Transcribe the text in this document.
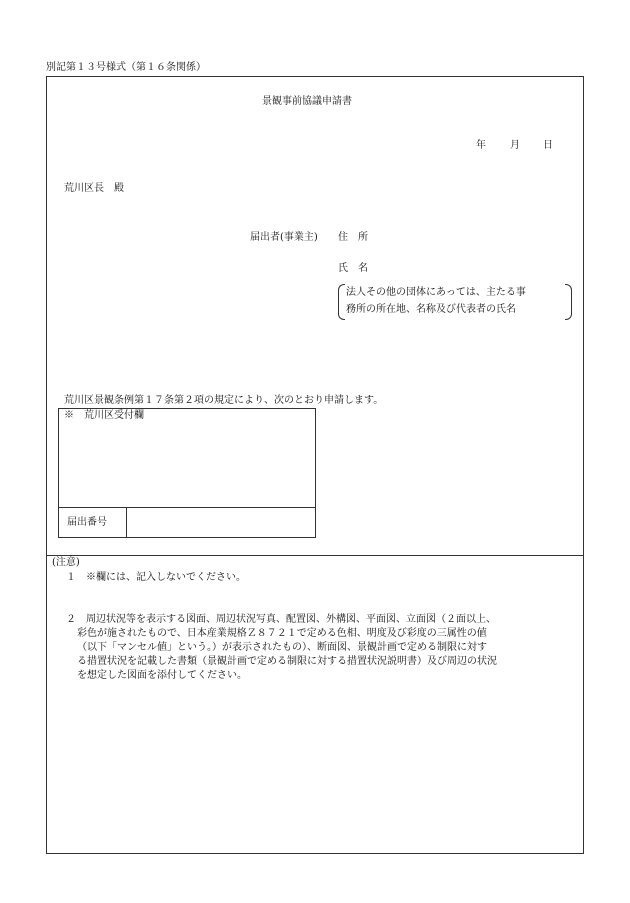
別記第１３号様式（第１６条関係）
景観事前協議申請書
年 月 日
荒川区長　殿
届出者(事業主) 住　所
氏　名
法人その他の団体にあっては、主たる事
務所の所在地、名称及び代表者の氏名
荒川区景観条例第１７条第２項の規定により、次のとおり申請します。
※　荒川区受付欄
届出番号
(注意)
１　※欄には、記入しないでください。
２　周辺状況等を表示する図面、周辺状況写真、配置図、外構図、平面図、立面図（２面以上、
彩色が施されたもので、日本産業規格Ｚ８７２１で定める色相、明度及び彩度の三属性の値
（以下「マンセル値」という。）が表示されたもの）、断面図、景観計画で定める制限に対す
る措置状況を記載した書類（景観計画で定める制限に対する措置状況説明書）及び周辺の状況
を想定した図面を添付してください。
